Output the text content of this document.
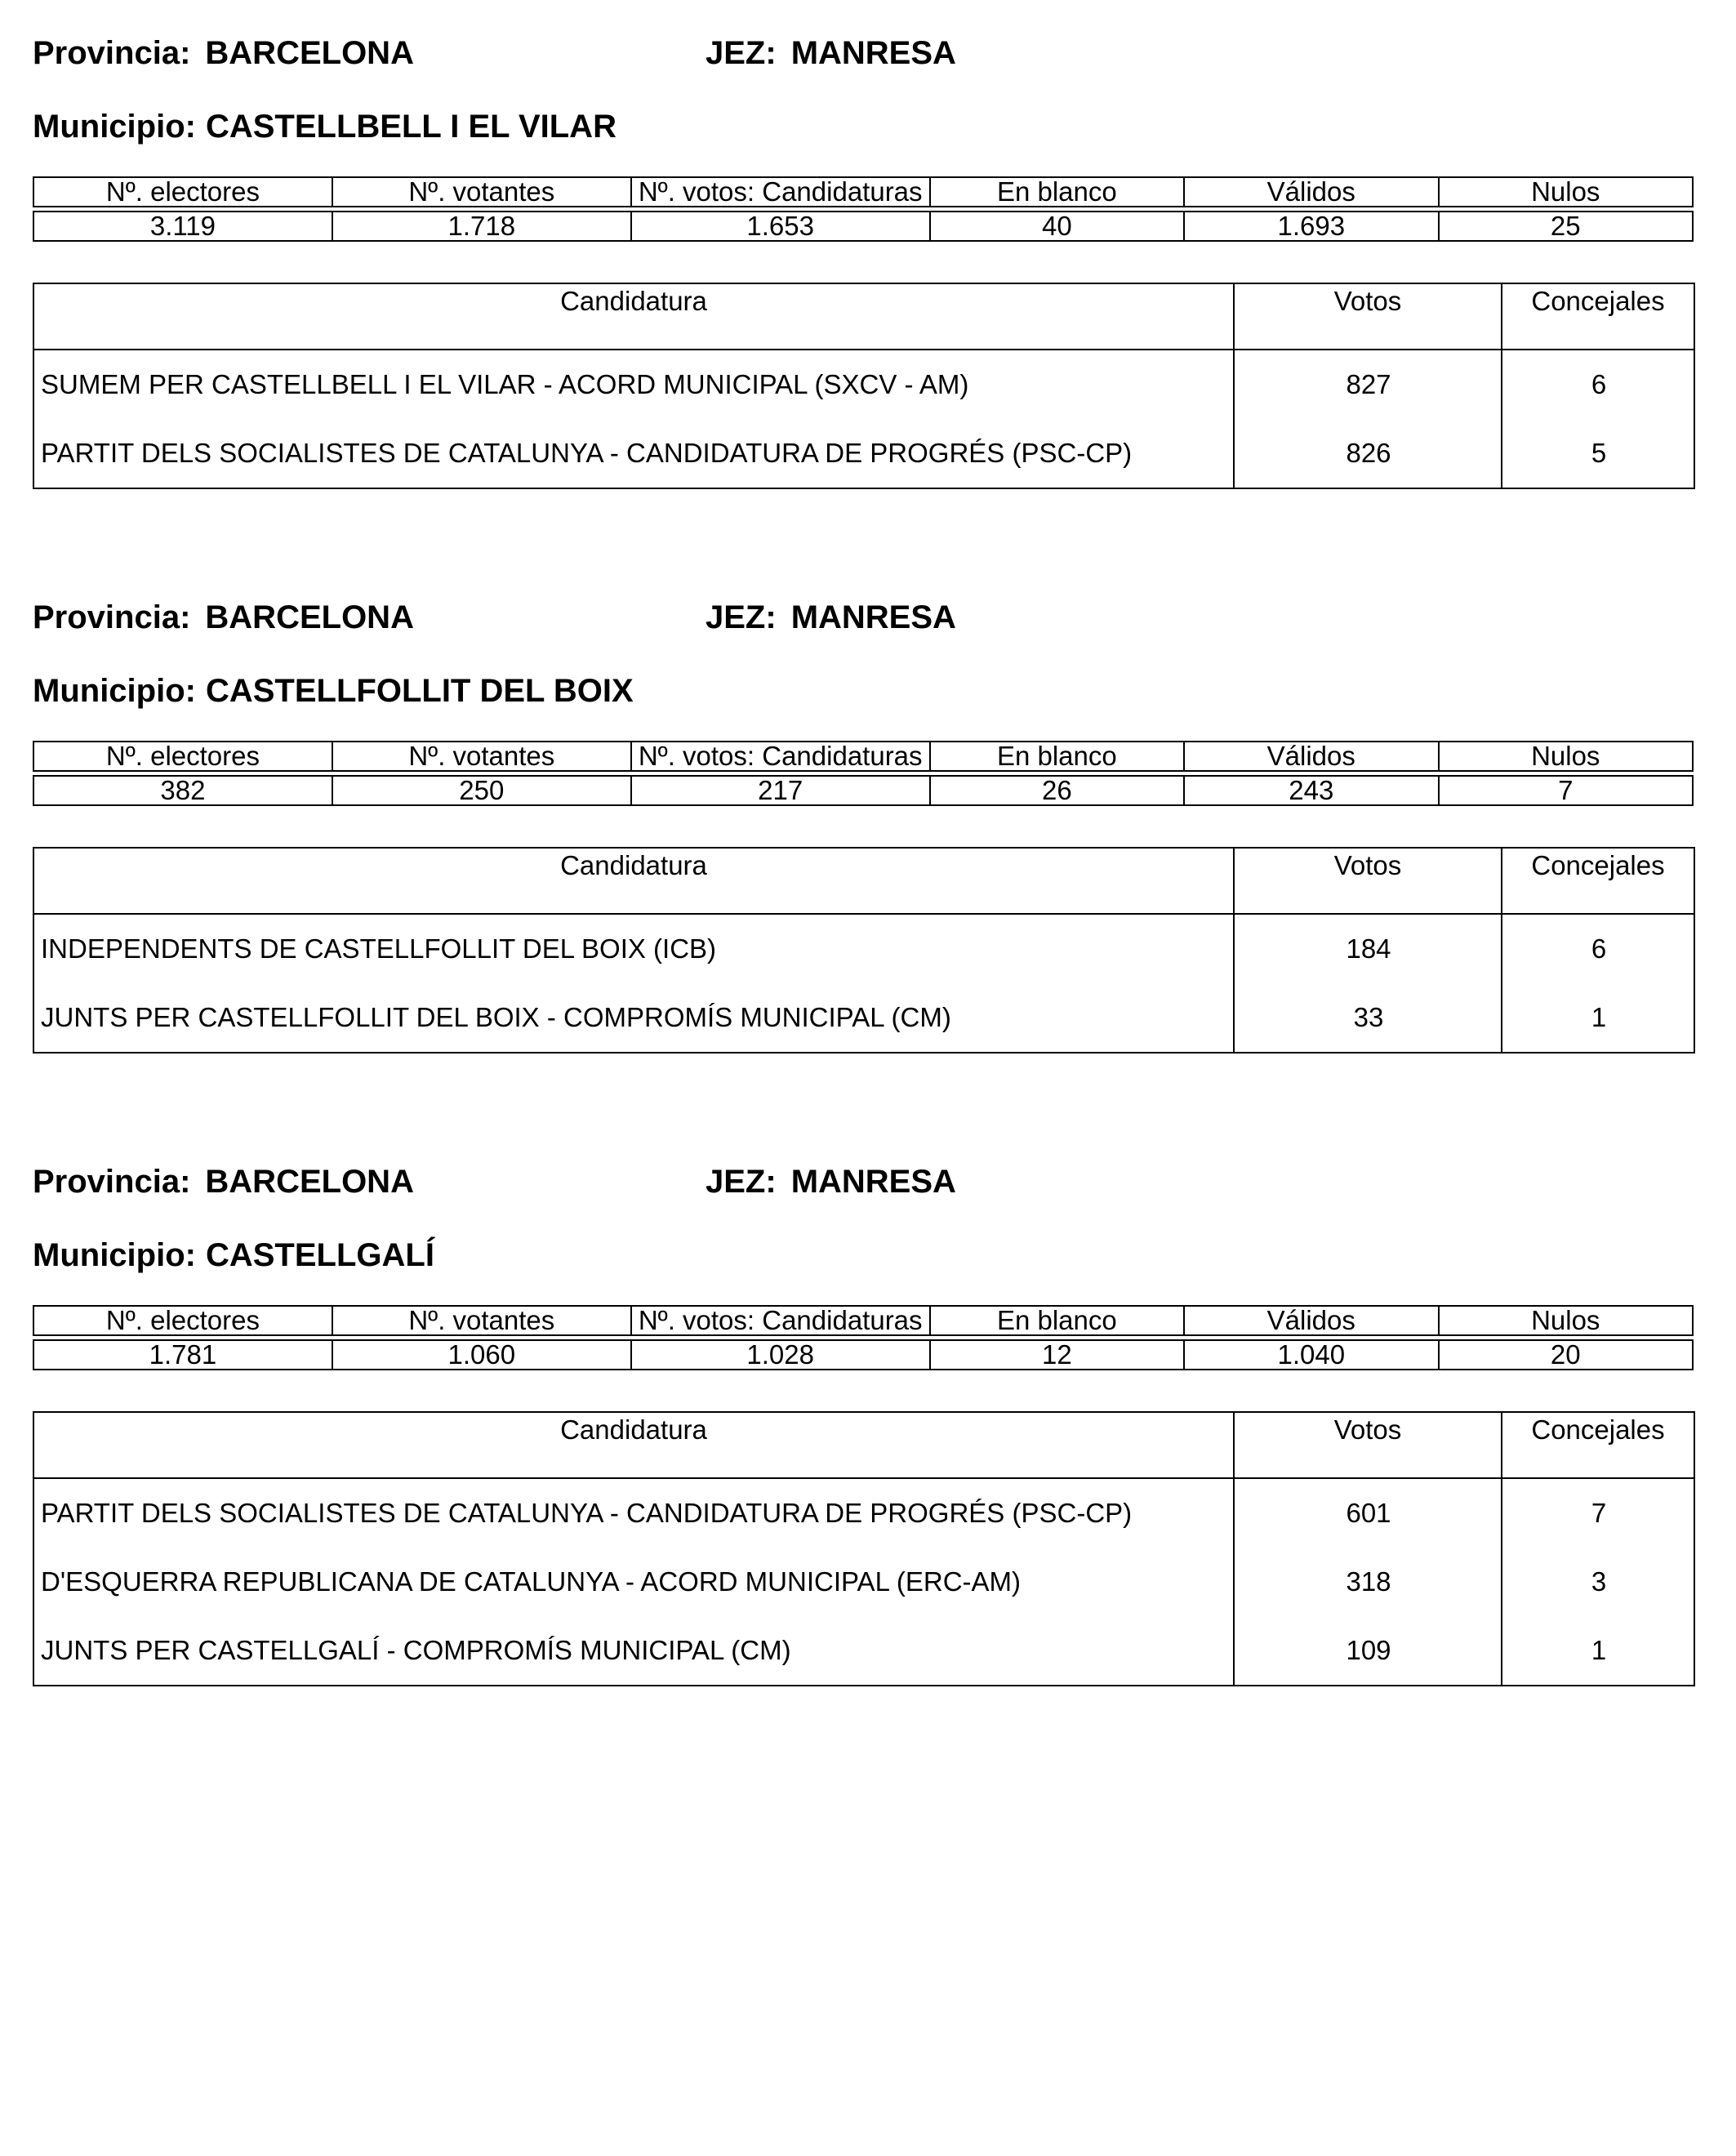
Provincia: BARCELONA	JEZ: MANRESA
Municipio: CASTELLBELL I EL VILAR
Nº. electores	Nº. votantes	Nº. votos: Candidaturas	En blanco	Válidos	Nulos

3.119	1.718	1.653	40	1.693	25
Candidatura	Votos	Concejales
SUMEM PER CASTELLBELL I EL VILAR - ACORD MUNICIPAL (SXCV - AM)	827	6
PARTIT DELS SOCIALISTES DE CATALUNYA - CANDIDATURA DE PROGRÉS (PSC-CP)	826	5
Provincia: BARCELONA	JEZ: MANRESA
Municipio: CASTELLFOLLIT DEL BOIX
Nº. electores	Nº. votantes	Nº. votos: Candidaturas	En blanco	Válidos	Nulos

382	250	217	26	243	7
Candidatura	Votos	Concejales
INDEPENDENTS DE CASTELLFOLLIT DEL BOIX (ICB)	184	6
JUNTS PER CASTELLFOLLIT DEL BOIX - COMPROMÍS MUNICIPAL (CM)	33	1
Provincia: BARCELONA	JEZ: MANRESA
Municipio: CASTELLGALÍ
Nº. electores	Nº. votantes	Nº. votos: Candidaturas	En blanco	Válidos	Nulos

1.781	1.060	1.028	12	1.040	20
Candidatura	Votos	Concejales
PARTIT DELS SOCIALISTES DE CATALUNYA - CANDIDATURA DE PROGRÉS (PSC-CP)	601	7
D'ESQUERRA REPUBLICANA DE CATALUNYA - ACORD MUNICIPAL (ERC-AM)	318	3
JUNTS PER CASTELLGALÍ - COMPROMÍS MUNICIPAL (CM)	109	1
